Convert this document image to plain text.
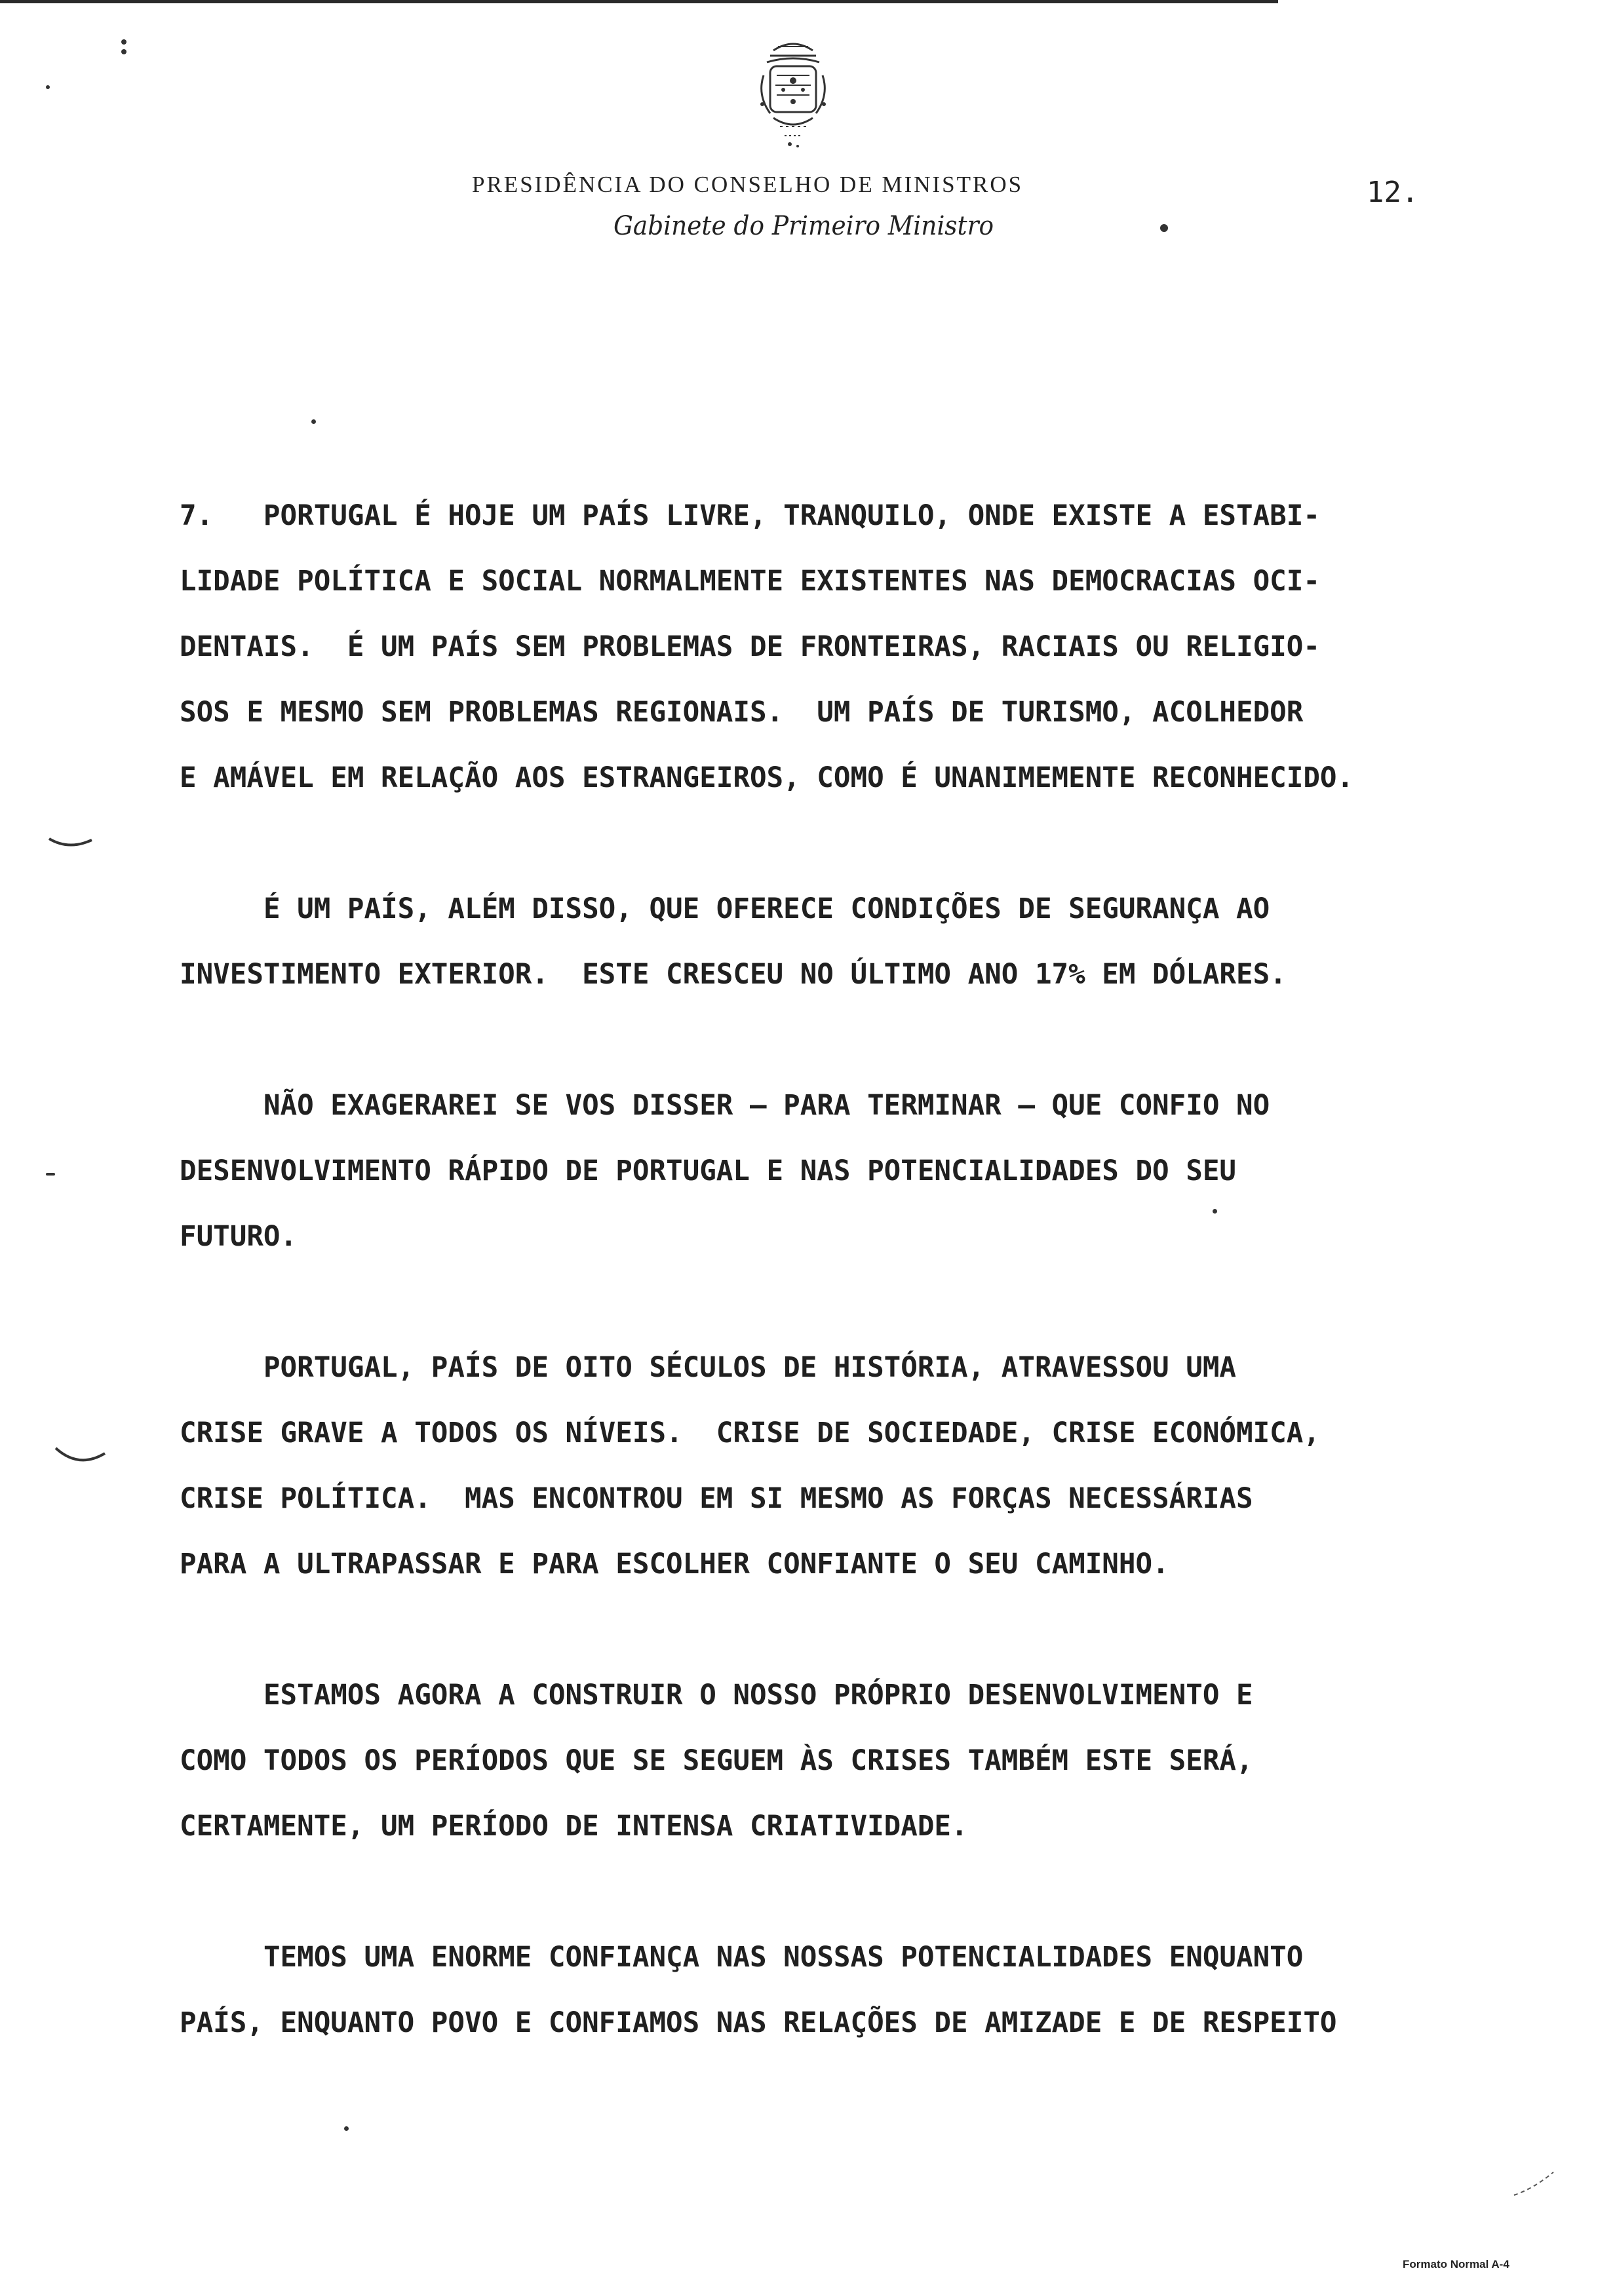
PRESIDÊNCIA DO CONSELHO DE MINISTROS
Gabinete do Primeiro Ministro
12.

7.   PORTUGAL É HOJE UM PAÍS LIVRE, TRANQUILO, ONDE EXISTE A ESTABI-
LIDADE POLÍTICA E SOCIAL NORMALMENTE EXISTENTES NAS DEMOCRACIAS OCI-
DENTAIS.  É UM PAÍS SEM PROBLEMAS DE FRONTEIRAS, RACIAIS OU RELIGIO-
SOS E MESMO SEM PROBLEMAS REGIONAIS.  UM PAÍS DE TURISMO, ACOLHEDOR
E AMÁVEL EM RELAÇÃO AOS ESTRANGEIROS, COMO É UNANIMEMENTE RECONHECIDO.

É UM PAÍS, ALÉM DISSO, QUE OFERECE CONDIÇÕES DE SEGURANÇA AO
INVESTIMENTO EXTERIOR.  ESTE CRESCEU NO ÚLTIMO ANO 17% EM DÓLARES.

NÃO EXAGERAREI SE VOS DISSER — PARA TERMINAR — QUE CONFIO NO
DESENVOLVIMENTO RÁPIDO DE PORTUGAL E NAS POTENCIALIDADES DO SEU
FUTURO.

PORTUGAL, PAÍS DE OITO SÉCULOS DE HISTÓRIA, ATRAVESSOU UMA
CRISE GRAVE A TODOS OS NÍVEIS.  CRISE DE SOCIEDADE, CRISE ECONÓMICA,
CRISE POLÍTICA.  MAS ENCONTROU EM SI MESMO AS FORÇAS NECESSÁRIAS
PARA A ULTRAPASSAR E PARA ESCOLHER CONFIANTE O SEU CAMINHO.

ESTAMOS AGORA A CONSTRUIR O NOSSO PRÓPRIO DESENVOLVIMENTO E
COMO TODOS OS PERÍODOS QUE SE SEGUEM ÀS CRISES TAMBÉM ESTE SERÁ,
CERTAMENTE, UM PERÍODO DE INTENSA CRIATIVIDADE.

TEMOS UMA ENORME CONFIANÇA NAS NOSSAS POTENCIALIDADES ENQUANTO
PAÍS, ENQUANTO POVO E CONFIAMOS NAS RELAÇÕES DE AMIZADE E DE RESPEITO

Formato Normal A-4
